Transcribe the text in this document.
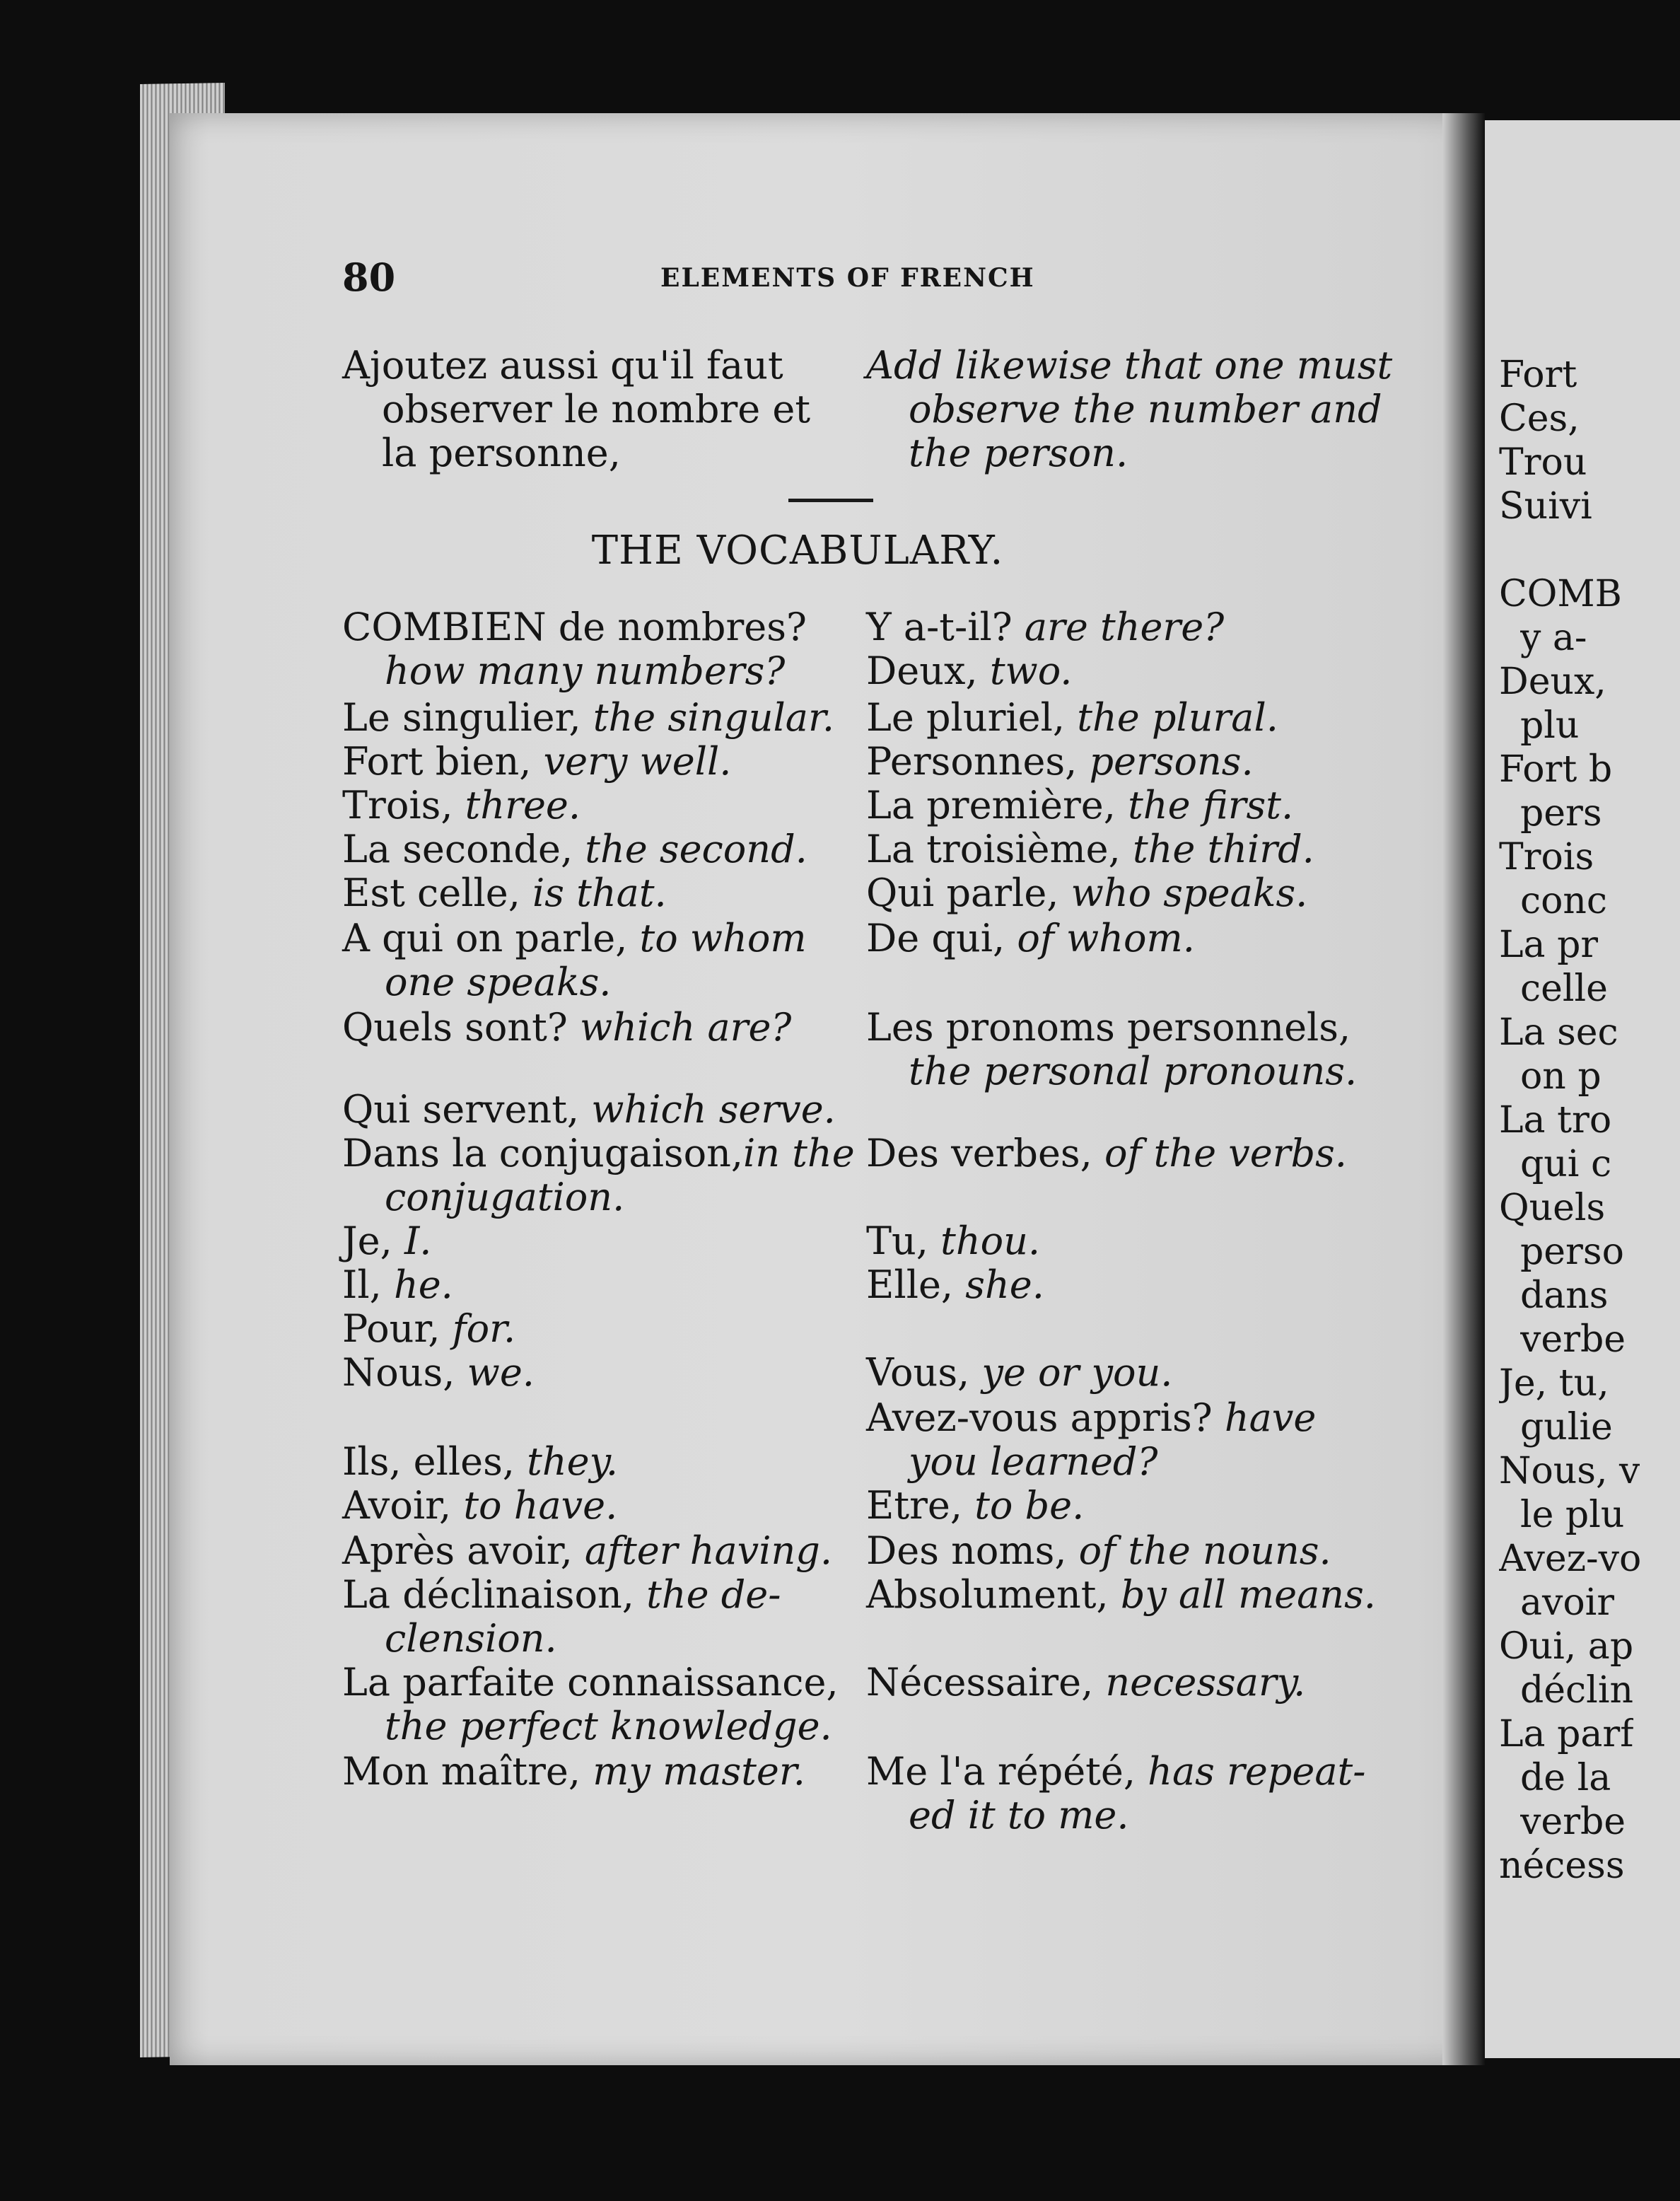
Fort
Ces,
Trou
Suivi
COMB
y a-
Deux,
plu
Fort b
pers
Trois
conc
La pr
celle
La sec
on p
La tro
qui c
Quels
perso
dans
verbe
Je, tu,
gulie
Nous, v
le plu
Avez-vo
avoir
Oui, ap
déclin
La parf
de la
verbe
nécess
80	ELEMENTS OF FRENCH
Ajoutez aussi qu'il faut
observer le nombre et
la personne,
Add likewise that one must
observe the number and
the person.
THE VOCABULARY.
COMBIEN de nombres?
how many numbers?
Le singulier, the singular.
Fort bien, very well.
Trois, three.
La seconde, the second.
Est celle, is that.
A qui on parle, to whom
one speaks.
Quels sont? which are?
Qui servent, which serve.
Dans la conjugaison,in the
conjugation.
Je, I.
Il, he.
Pour, for.
Nous, we.
Ils, elles, they.
Avoir, to have.
Après avoir, after having.
La déclinaison, the de-
clension.
La parfaite connaissance,
the perfect knowledge.
Mon maître, my master.
Y a-t-il? are there?
Deux, two.
Le pluriel, the plural.
Personnes, persons.
La première, the first.
La troisième, the third.
Qui parle, who speaks.
De qui, of whom.
Les pronoms personnels,
the personal pronouns.
Des verbes, of the verbs.
Tu, thou.
Elle, she.
Vous, ye or you.
Avez-vous appris? have
you learned?
Etre, to be.
Des noms, of the nouns.
Absolument, by all means.
Nécessaire, necessary.
Me l'a répété, has repeat-
ed it to me.
